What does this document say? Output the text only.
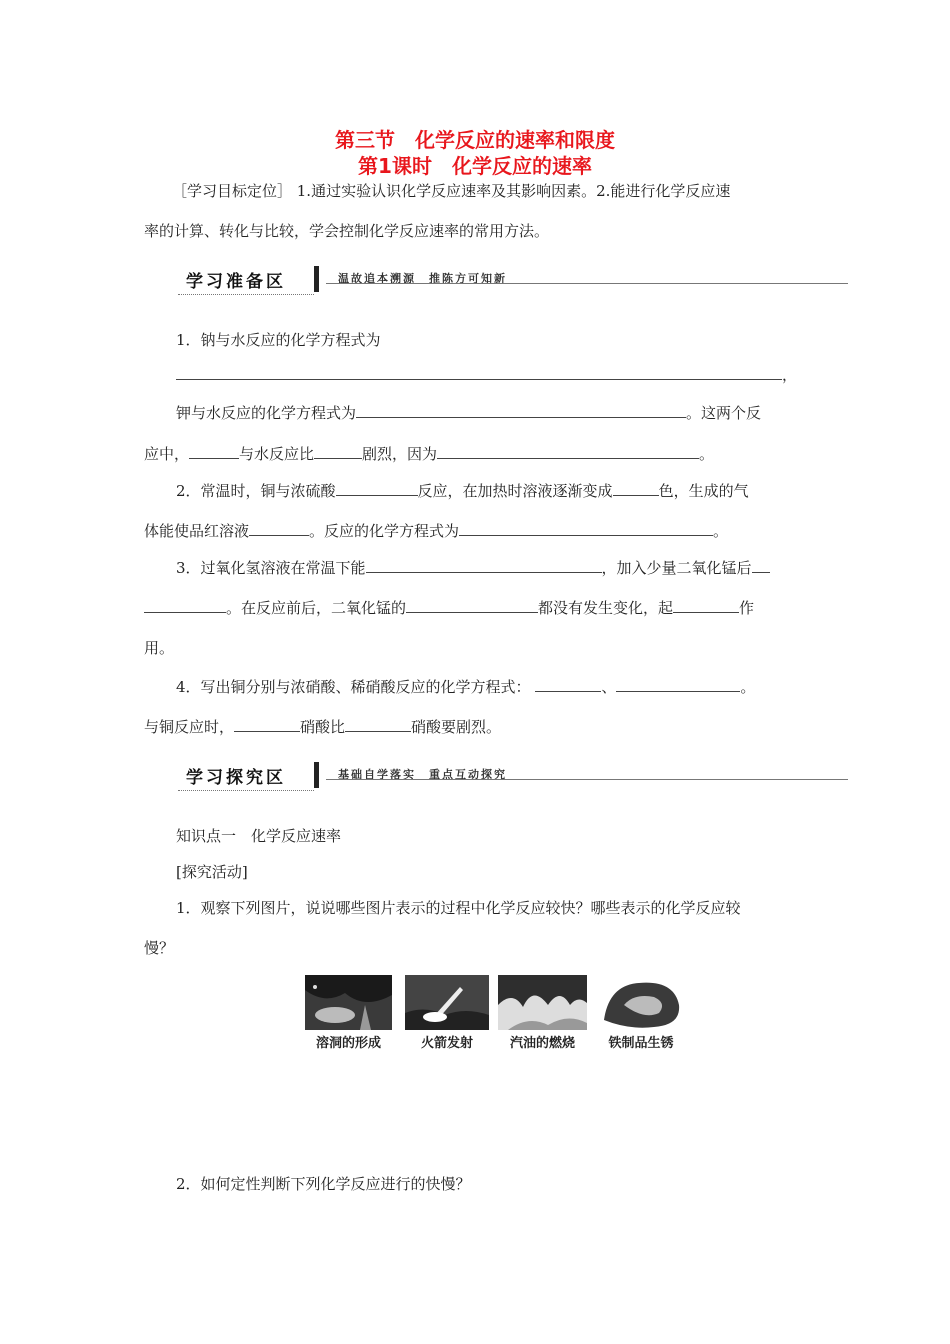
第三节　化学反应的速率和限度
第1课时　化学反应的速率
［学习目标定位］ 1.通过实验认识化学反应速率及其影响因素。2.能进行化学反应速
率的计算、转化与比较，学会控制化学反应速率的常用方法。
学习准备区	温故追本溯源　推陈方可知新
1．钠与水反应的化学方程式为
，
钾与水反应的化学方程式为	。这两个反
应中，	与水反应比	剧烈，因为	。
2．常温时，铜与浓硫酸	反应，在加热时溶液逐渐变成	色，生成的气
体能使品红溶液	。反应的化学方程式为	。
3．过氧化氢溶液在常温下能	，加入少量二氧化锰后
。在反应前后，二氧化锰的	都没有发生变化，起	作
用。
4．写出铜分别与浓硝酸、稀硝酸反应的化学方程式：	、	。
与铜反应时，	硝酸比	硝酸要剧烈。
学习探究区	基础自学落实　重点互动探究
知识点一　化学反应速率
[探究活动]
1．观察下列图片，说说哪些图片表示的过程中化学反应较快？哪些表示的化学反应较
慢？
溶洞的形成	火箭发射	汽油的燃烧	铁制品生锈
2．如何定性判断下列化学反应进行的快慢？
